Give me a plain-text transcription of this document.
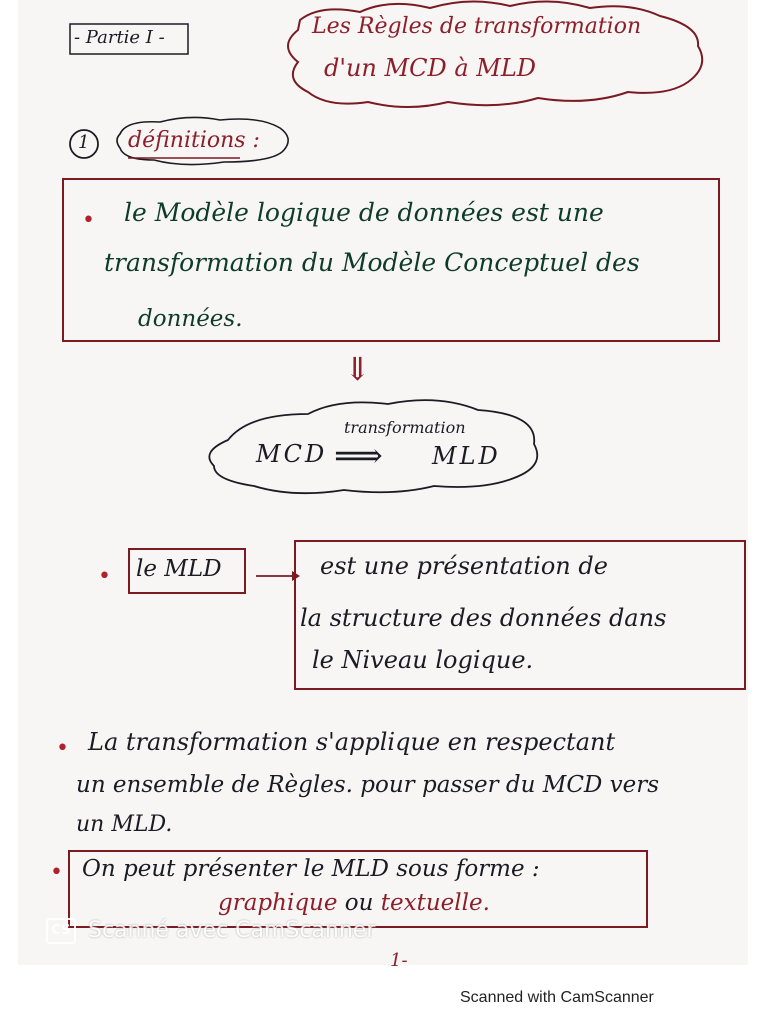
- Partie I -	Les Règles de transformation
d'un MCD à MLD
1 définitions :
• le Modèle logique de données est une
transformation du Modèle Conceptuel des
données.
⇓
MCD
transformation
⟹ MLD
• le MLD	est une présentation de
la structure des données dans
le Niveau logique.
• La transformation s'applique en respectant
un ensemble de Règles. pour passer du MCD vers
un MLD.
• On peut présenter le MLD sous forme :
graphique ou textuelle.
1-
CS Scanné avec CamScanner
Scanned with CamScanner
